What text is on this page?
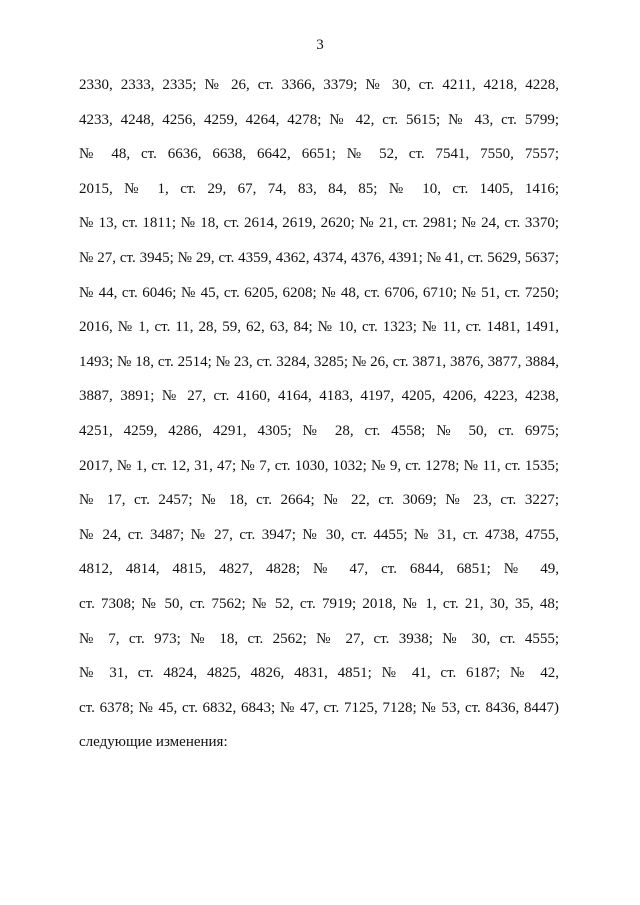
3
2330, 2333, 2335; № 26, ст. 3366, 3379; № 30, ст. 4211, 4218, 4228,
4233, 4248, 4256, 4259, 4264, 4278; № 42, ст. 5615; № 43, ст. 5799;
№ 48, ст. 6636, 6638, 6642, 6651; № 52, ст. 7541, 7550, 7557;
2015, № 1, ст. 29, 67, 74, 83, 84, 85; № 10, ст. 1405, 1416;
№ 13, ст. 1811; № 18, ст. 2614, 2619, 2620; № 21, ст. 2981; № 24, ст. 3370;
№ 27, ст. 3945; № 29, ст. 4359, 4362, 4374, 4376, 4391; № 41, ст. 5629, 5637;
№ 44, ст. 6046; № 45, ст. 6205, 6208; № 48, ст. 6706, 6710; № 51, ст. 7250;
2016, № 1, ст. 11, 28, 59, 62, 63, 84; № 10, ст. 1323; № 11, ст. 1481, 1491,
1493; № 18, ст. 2514; № 23, ст. 3284, 3285; № 26, ст. 3871, 3876, 3877, 3884,
3887, 3891; № 27, ст. 4160, 4164, 4183, 4197, 4205, 4206, 4223, 4238,
4251, 4259, 4286, 4291, 4305; № 28, ст. 4558; № 50, ст. 6975;
2017, № 1, ст. 12, 31, 47; № 7, ст. 1030, 1032; № 9, ст. 1278; № 11, ст. 1535;
№ 17, ст. 2457; № 18, ст. 2664; № 22, ст. 3069; № 23, ст. 3227;
№ 24, ст. 3487; № 27, ст. 3947; № 30, ст. 4455; № 31, ст. 4738, 4755,
4812, 4814, 4815, 4827, 4828; № 47, ст. 6844, 6851; № 49,
ст. 7308; № 50, ст. 7562; № 52, ст. 7919; 2018, № 1, ст. 21, 30, 35, 48;
№ 7, ст. 973; № 18, ст. 2562; № 27, ст. 3938; № 30, ст. 4555;
№ 31, ст. 4824, 4825, 4826, 4831, 4851; № 41, ст. 6187; № 42,
ст. 6378; № 45, ст. 6832, 6843; № 47, ст. 7125, 7128; № 53, ст. 8436, 8447)
следующие изменения:
